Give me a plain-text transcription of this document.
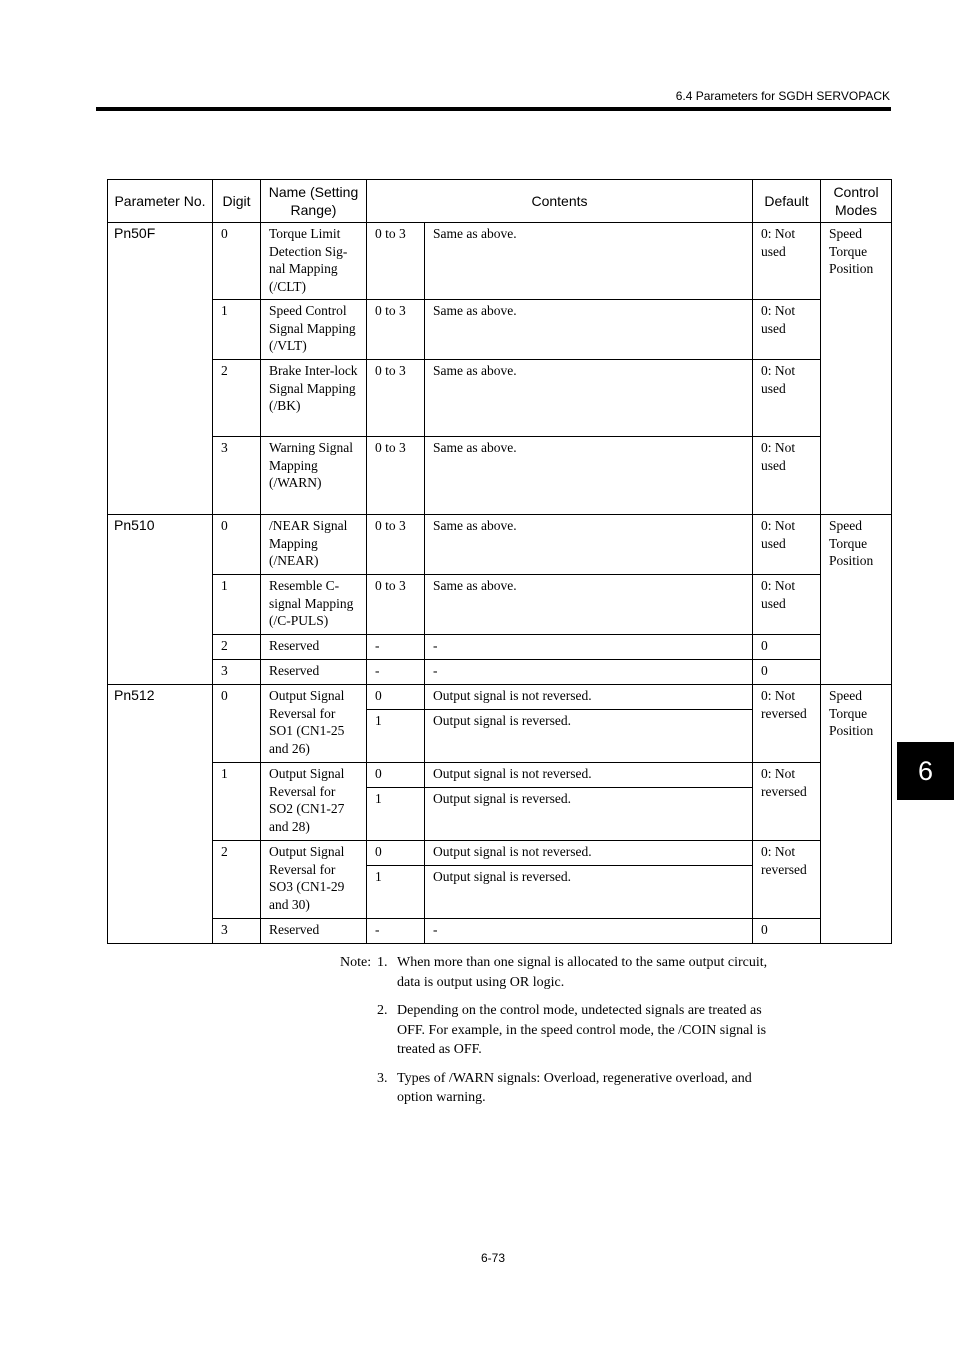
6.4 Parameters for SGDH SERVOPACK
6
Parameter No.	Digit	Name (Setting Range)	Contents		Default	Control Modes
Pn50F	0	Torque Limit Detection Sig-nal Mapping (/CLT)	0 to 3	Same as above.	0: Not used	Speed Torque Position
	1	Speed Control Signal Mapping (/VLT)	0 to 3	Same as above.	0: Not used	
	2	Brake Inter-lock Signal Mapping (/BK)	0 to 3	Same as above.	0: Not used	
	3	Warning Signal Mapping (/WARN)	0 to 3	Same as above.	0: Not used	
Pn510	0	/NEAR Signal Mapping (/NEAR)	0 to 3	Same as above.	0: Not used	Speed Torque Position
	1	Resemble C-signal Mapping (/C-PULS)	0 to 3	Same as above.	0: Not used	
	2	Reserved	-	-	0	
	3	Reserved	-	-	0	
Pn512	0	Output Signal Reversal for SO1 (CN1-25 and 26)	0	Output signal is not reversed.	0: Not reversed	Speed Torque Position
			1	Output signal is reversed.		
	1	Output Signal Reversal for SO2 (CN1-27 and 28)	0	Output signal is not reversed.	0: Not reversed	
			1	Output signal is reversed.		
	2	Output Signal Reversal for SO3 (CN1-29 and 30)	0	Output signal is not reversed.	0: Not reversed	
			1	Output signal is reversed.		
	3	Reserved	-	-	0	
Note: 1. When more than one signal is allocated to the same output circuit, data is output using OR logic.
2. Depending on the control mode, undetected signals are treated as OFF. For example, in the speed control mode, the /COIN signal is treated as OFF.
3. Types of /WARN signals: Overload, regenerative overload, and option warning.
6-73
